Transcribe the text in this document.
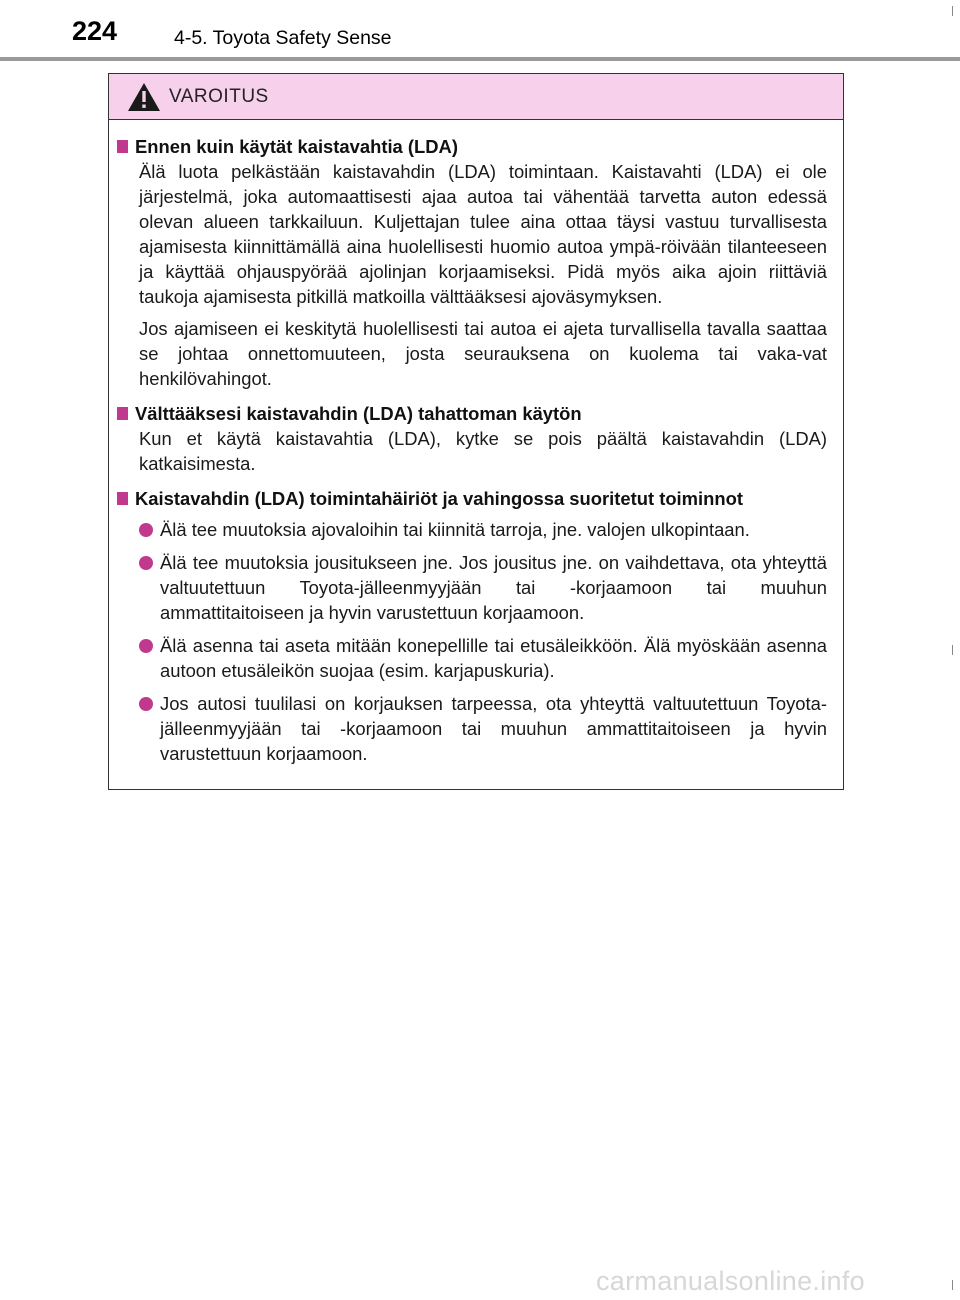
224	4-5. Toyota Safety Sense
VAROITUS
Ennen kuin käytät kaistavahtia (LDA)

Älä luota pelkästään kaistavahdin (LDA) toimintaan. Kaistavahti (LDA) ei ole järjestelmä, joka automaattisesti ajaa autoa tai vähentää tarvetta auton edessä olevan alueen tarkkailuun. Kuljettajan tulee aina ottaa täysi vastuu turvallisesta ajamisesta kiinnittämällä aina huolellisesti huomio autoa ympä-röivään tilanteeseen ja käyttää ohjauspyörää ajolinjan korjaamiseksi. Pidä myös aika ajoin riittäviä taukoja ajamisesta pitkillä matkoilla välttääksesi ajoväsymyksen.

Jos ajamiseen ei keskitytä huolellisesti tai autoa ei ajeta turvallisella tavalla saattaa se johtaa onnettomuuteen, josta seurauksena on kuolema tai vaka-vat henkilövahingot.

Välttääksesi kaistavahdin (LDA) tahattoman käytön

Kun et käytä kaistavahtia (LDA), kytke se pois päältä kaistavahdin (LDA) katkaisimesta.

Kaistavahdin (LDA) toimintahäiriöt ja vahingossa suoritetut toiminnot
Älä tee muutoksia ajovaloihin tai kiinnitä tarroja, jne. valojen ulkopintaan.
Älä tee muutoksia jousitukseen jne. Jos jousitus jne. on vaihdettava, ota yhteyttä valtuutettuun Toyota-jälleenmyyjään tai -korjaamoon tai muuhun ammattitaitoiseen ja hyvin varustettuun korjaamoon.
Älä asenna tai aseta mitään konepellille tai etusäleikköön. Älä myöskään asenna autoon etusäleikön suojaa (esim. karjapuskuria).
Jos autosi tuulilasi on korjauksen tarpeessa, ota yhteyttä valtuutettuun Toyota-jälleenmyyjään tai -korjaamoon tai muuhun ammattitaitoiseen ja hyvin varustettuun korjaamoon.
carmanualsonline.info
